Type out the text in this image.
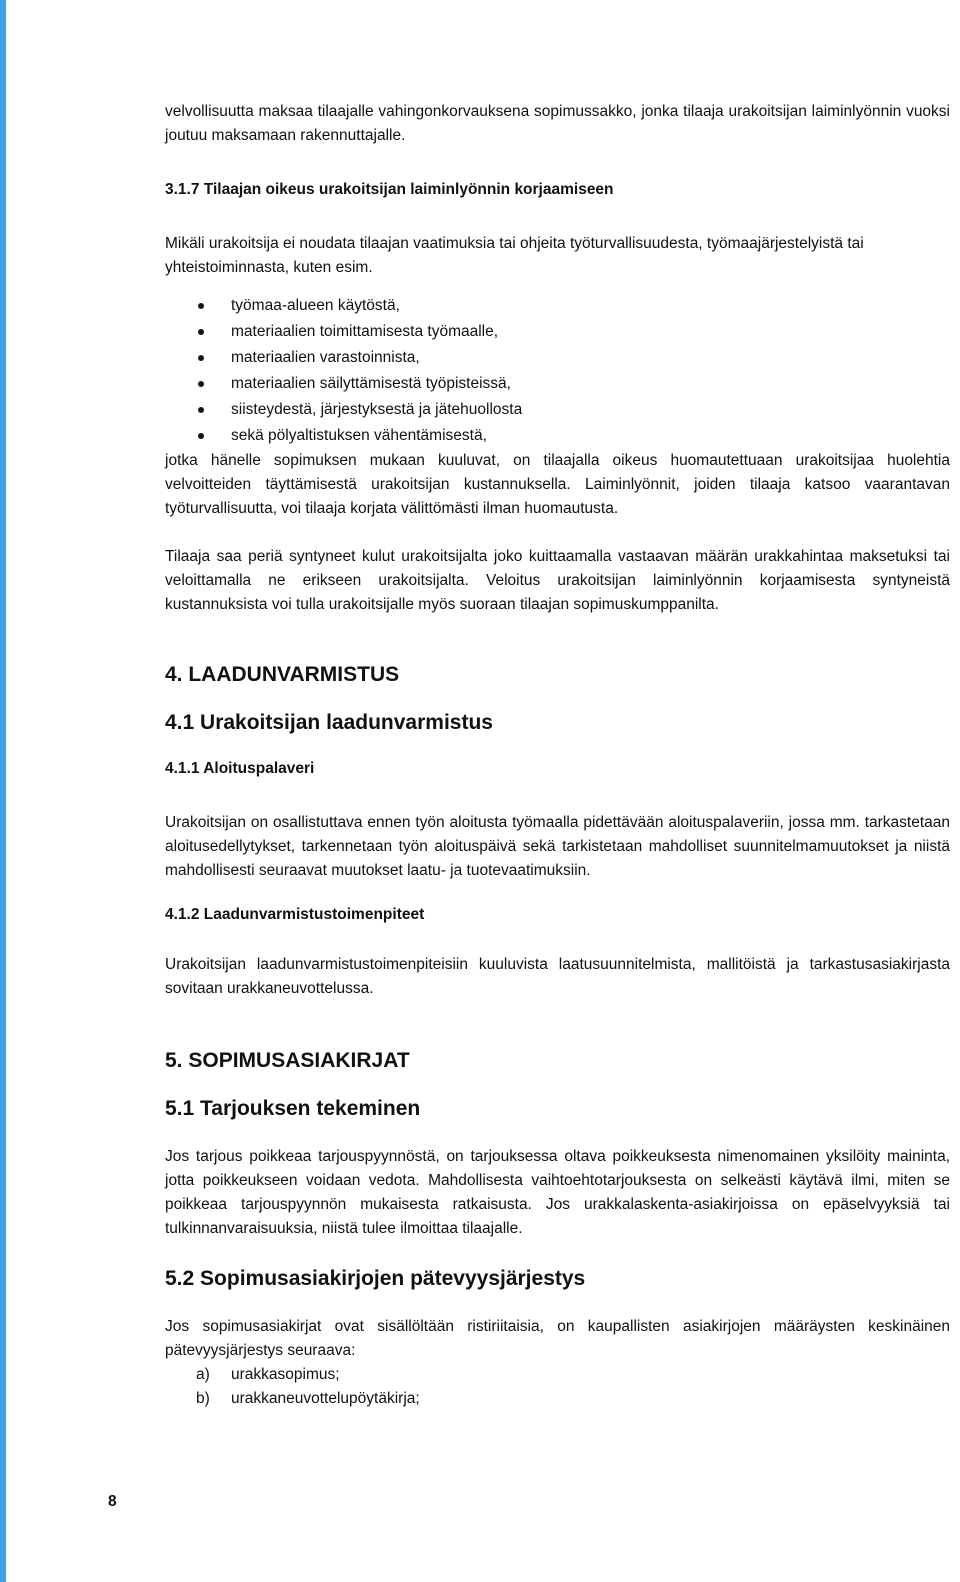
velvollisuutta maksaa tilaajalle vahingonkorvauksena sopimussakko, jonka tilaaja urakoitsijan laiminlyönnin vuoksi joutuu maksamaan rakennuttajalle.

3.1.7 Tilaajan oikeus urakoitsijan laiminlyönnin korjaamiseen

Mikäli urakoitsija ei noudata tilaajan vaatimuksia tai ohjeita työturvallisuudesta, työmaajärjestelyistä tai yhteistoiminnasta, kuten esim.

työmaa-alueen käytöstä,
materiaalien toimittamisesta työmaalle,
materiaalien varastoinnista,
materiaalien säilyttämisestä työpisteissä,
siisteydestä, järjestyksestä ja jätehuollosta
sekä pölyaltistuksen vähentämisestä,

jotka hänelle sopimuksen mukaan kuuluvat, on tilaajalla oikeus huomautettuaan urakoitsijaa huolehtia velvoitteiden täyttämisestä urakoitsijan kustannuksella. Laiminlyönnit, joiden tilaaja katsoo vaarantavan työturvallisuutta, voi tilaaja korjata välittömästi ilman huomautusta.

Tilaaja saa periä syntyneet kulut urakoitsijalta joko kuittaamalla vastaavan määrän urakkahintaa maksetuksi tai veloittamalla ne erikseen urakoitsijalta. Veloitus urakoitsijan laiminlyönnin korjaamisesta syntyneistä kustannuksista voi tulla urakoitsijalle myös suoraan tilaajan sopimuskumppanilta.

4. LAADUNVARMISTUS

4.1 Urakoitsijan laadunvarmistus

4.1.1 Aloituspalaveri

Urakoitsijan on osallistuttava ennen työn aloitusta työmaalla pidettävään aloituspalaveriin, jossa mm. tarkastetaan aloitusedellytykset, tarkennetaan työn aloituspäivä sekä tarkistetaan mahdolliset suunnitelmamuutokset ja niistä mahdollisesti seuraavat muutokset laatu- ja tuotevaatimuksiin.

4.1.2 Laadunvarmistustoimenpiteet

Urakoitsijan laadunvarmistustoimenpiteisiin kuuluvista laatusuunnitelmista, mallitöistä ja tarkastusasiakirjasta sovitaan urakkaneuvottelussa.

5. SOPIMUSASIAKIRJAT

5.1 Tarjouksen tekeminen

Jos tarjous poikkeaa tarjouspyynnöstä, on tarjouksessa oltava poikkeuksesta nimenomainen yksilöity maininta, jotta poikkeukseen voidaan vedota. Mahdollisesta vaihtoehtotarjouksesta on selkeästi käytävä ilmi, miten se poikkeaa tarjouspyynnön mukaisesta ratkaisusta. Jos urakkalaskenta-asiakirjoissa on epäselvyyksiä tai tulkinnanvaraisuuksia, niistä tulee ilmoittaa tilaajalle.

5.2 Sopimusasiakirjojen pätevyysjärjestys

Jos sopimusasiakirjat ovat sisällöltään ristiriitaisia, on kaupallisten asiakirjojen määräysten keskinäinen pätevyysjärjestys seuraava:

a) urakkasopimus;
b) urakkaneuvottelupöytäkirja;
8
